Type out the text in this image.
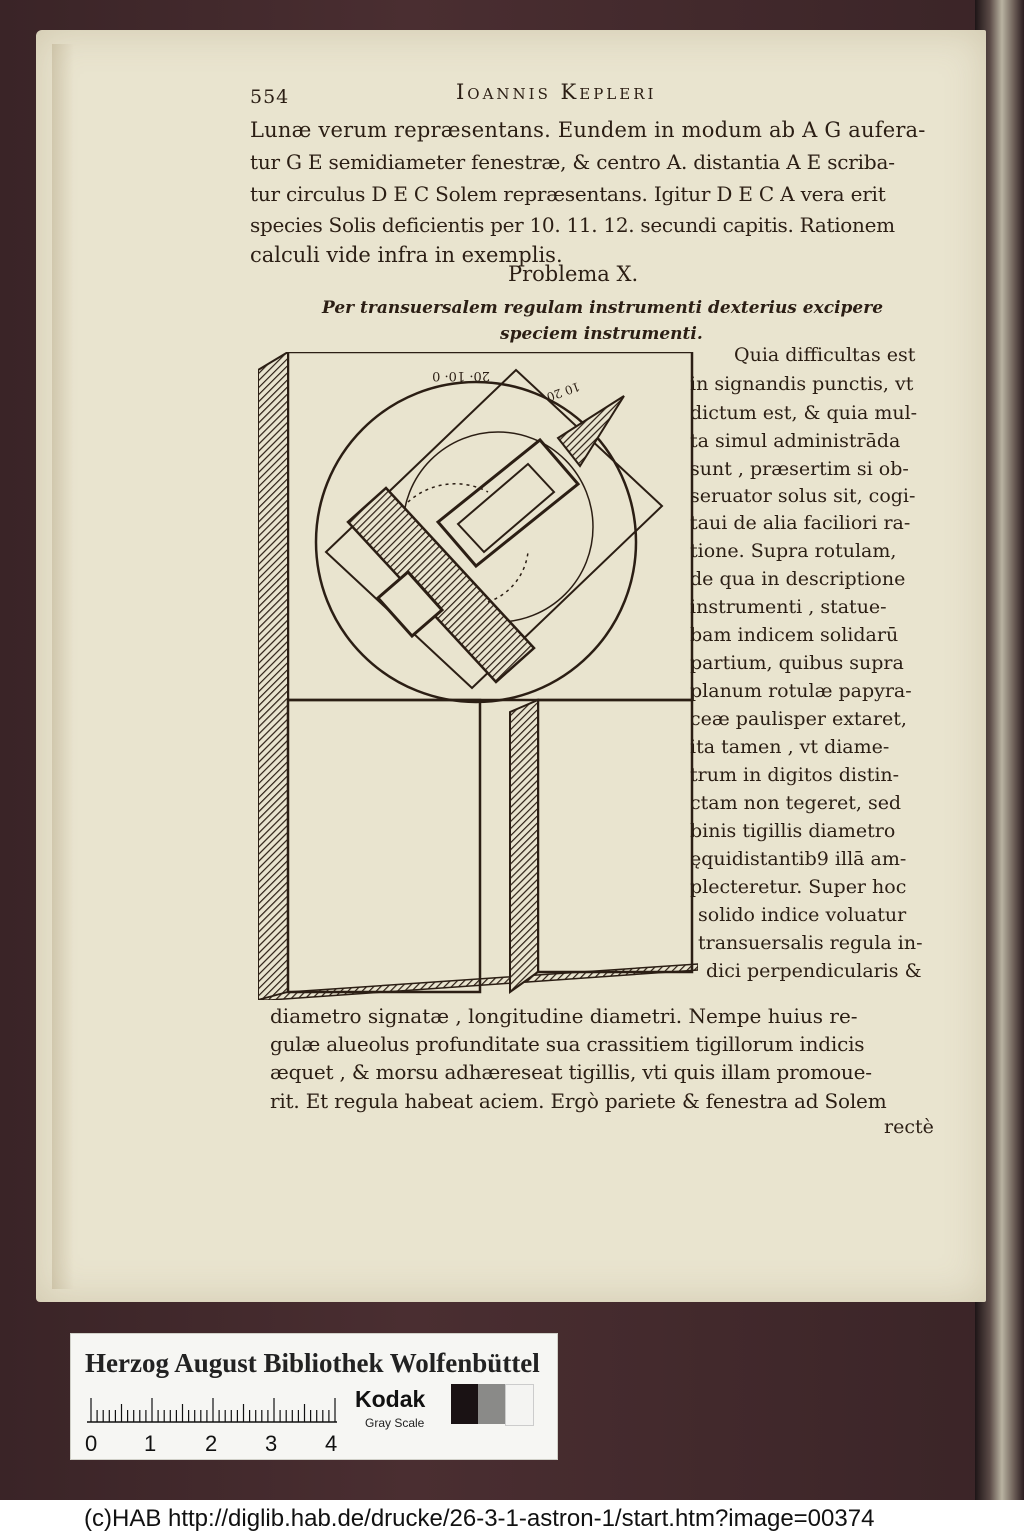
554	Ioannis Kepleri
Lunæ verum repræsentans. Eundem in modum ab A G aufera-
tur G E semidiameter fenestræ, & centro A. distantia A E scriba-
tur circulus D E C Solem repræsentans. Igitur D E C A vera erit
species Solis deficientis per 10. 11. 12. secundi capitis. Rationem
calculi vide infra in exemplis.
Problema X.
Per transuersalem regulam instrumenti dexterius excipere
speciem instrumenti.
20· 10· 0
10 20
Quia difficultas est
in signandis punctis, vt
dictum est, & quia mul-
ta simul administrāda
sunt , præsertim si ob-
seruator solus sit, cogi-
taui de alia faciliori ra-
tione. Supra rotulam,
de qua in descriptione
instrumenti , statue-
bam indicem solidarū
partium, quibus supra
planum rotulæ papyra-
ceæ paulisper extaret,
ita tamen , vt diame-
trum in digitos distin-
ctam non tegeret, sed
binis tigillis diametro
ęquidistantib9 illā am-
plecteretur. Super hoc
solido indice voluatur
transuersalis regula in-
dici perpendicularis &
diametro signatæ , longitudine diametri. Nempe huius re-
gulæ alueolus profunditate sua crassitiem tigillorum indicis
æquet , & morsu adhæreseat tigillis, vti quis illam promoue-
rit. Et regula habeat aciem. Ergò pariete & fenestra ad Solem
rectè
Herzog August Bibliothek Wolfenbüttel
0 1 2 3 4
Kodak
Gray Scale
(c)HAB http://diglib.hab.de/drucke/26-3-1-astron-1/start.htm?image=00374
